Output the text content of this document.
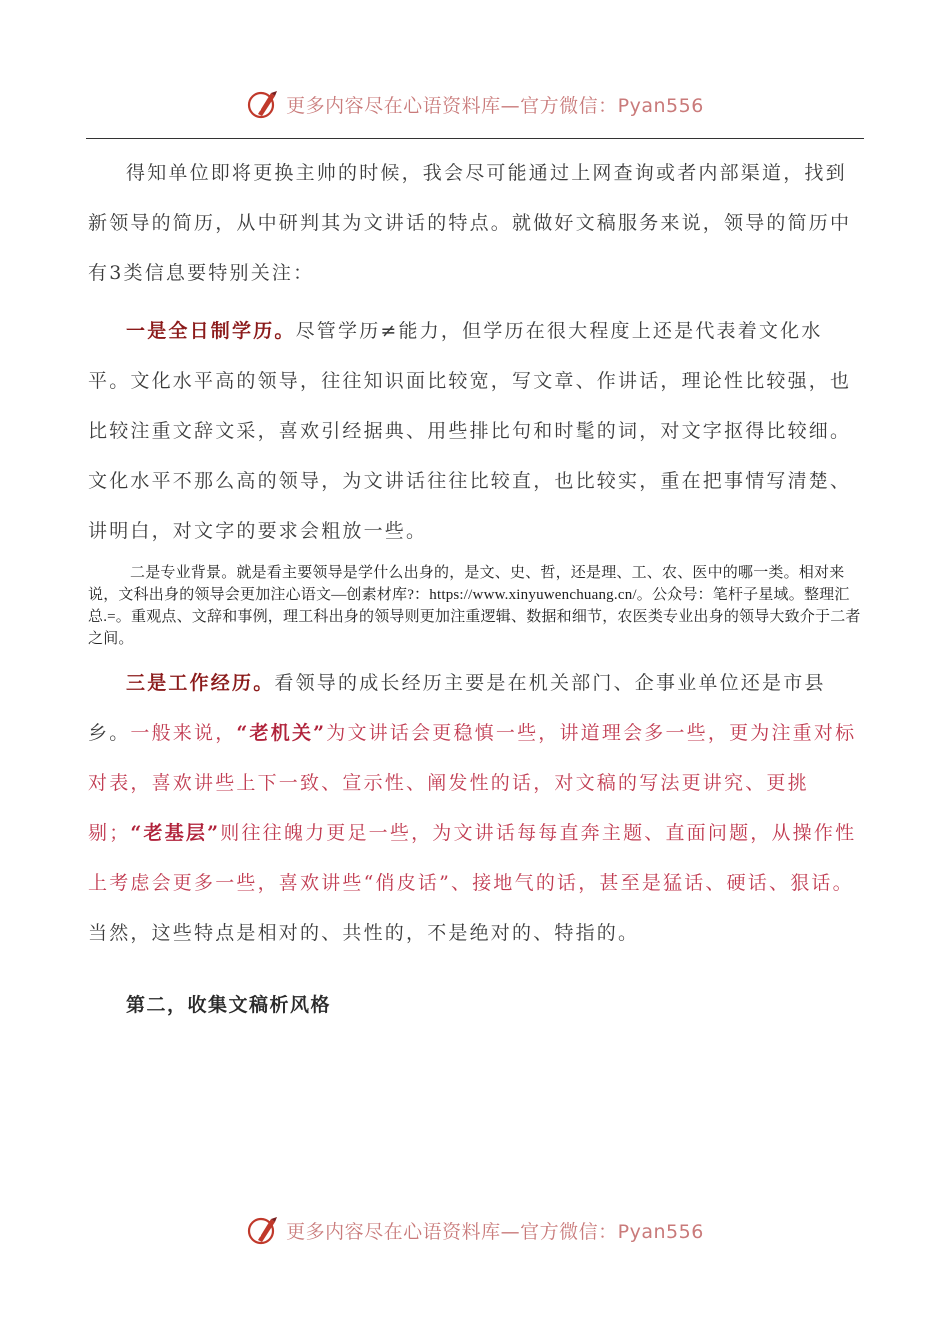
更多内容尽在心语资料库—官方微信：Pyan556

得知单位即将更换主帅的时候，我会尽可能通过上网查询或者内部渠道，找到新领导的简历，从中研判其为文讲话的特点。就做好文稿服务来说，领导的简历中有3类信息要特别关注：

一是全日制学历。尽管学历≠能力，但学历在很大程度上还是代表着文化水平。文化水平高的领导，往往知识面比较宽，写文章、作讲话，理论性比较强，也比较注重文辞文采，喜欢引经据典、用些排比句和时髦的词，对文字抠得比较细。文化水平不那么高的领导，为文讲话往往比较直，也比较实，重在把事情写清楚、讲明白，对文字的要求会粗放一些。

二是专业背景。就是看主要领导是学什么出身的，是文、史、哲，还是理、工、农、医中的哪一类。相对来说，文科出身的领导会更加注心语文—创素材库?：https://www.xinyuwenchuang.cn/。公众号：笔杆子星域。整理汇总.=。重观点、文辞和事例，理工科出身的领导则更加注重逻辑、数据和细节，农医类专业出身的领导大致介于二者之间。

三是工作经历。看领导的成长经历主要是在机关部门、企事业单位还是市县乡。一般来说，“老机关”为文讲话会更稳慎一些，讲道理会多一些，更为注重对标对表，喜欢讲些上下一致、宣示性、阐发性的话，对文稿的写法更讲究、更挑剔；“老基层”则往往魄力更足一些，为文讲话每每直奔主题、直面问题，从操作性上考虑会更多一些，喜欢讲些“俏皮话”、接地气的话，甚至是猛话、硬话、狠话。当然，这些特点是相对的、共性的，不是绝对的、特指的。

第二，收集文稿析风格

更多内容尽在心语资料库—官方微信：Pyan556
